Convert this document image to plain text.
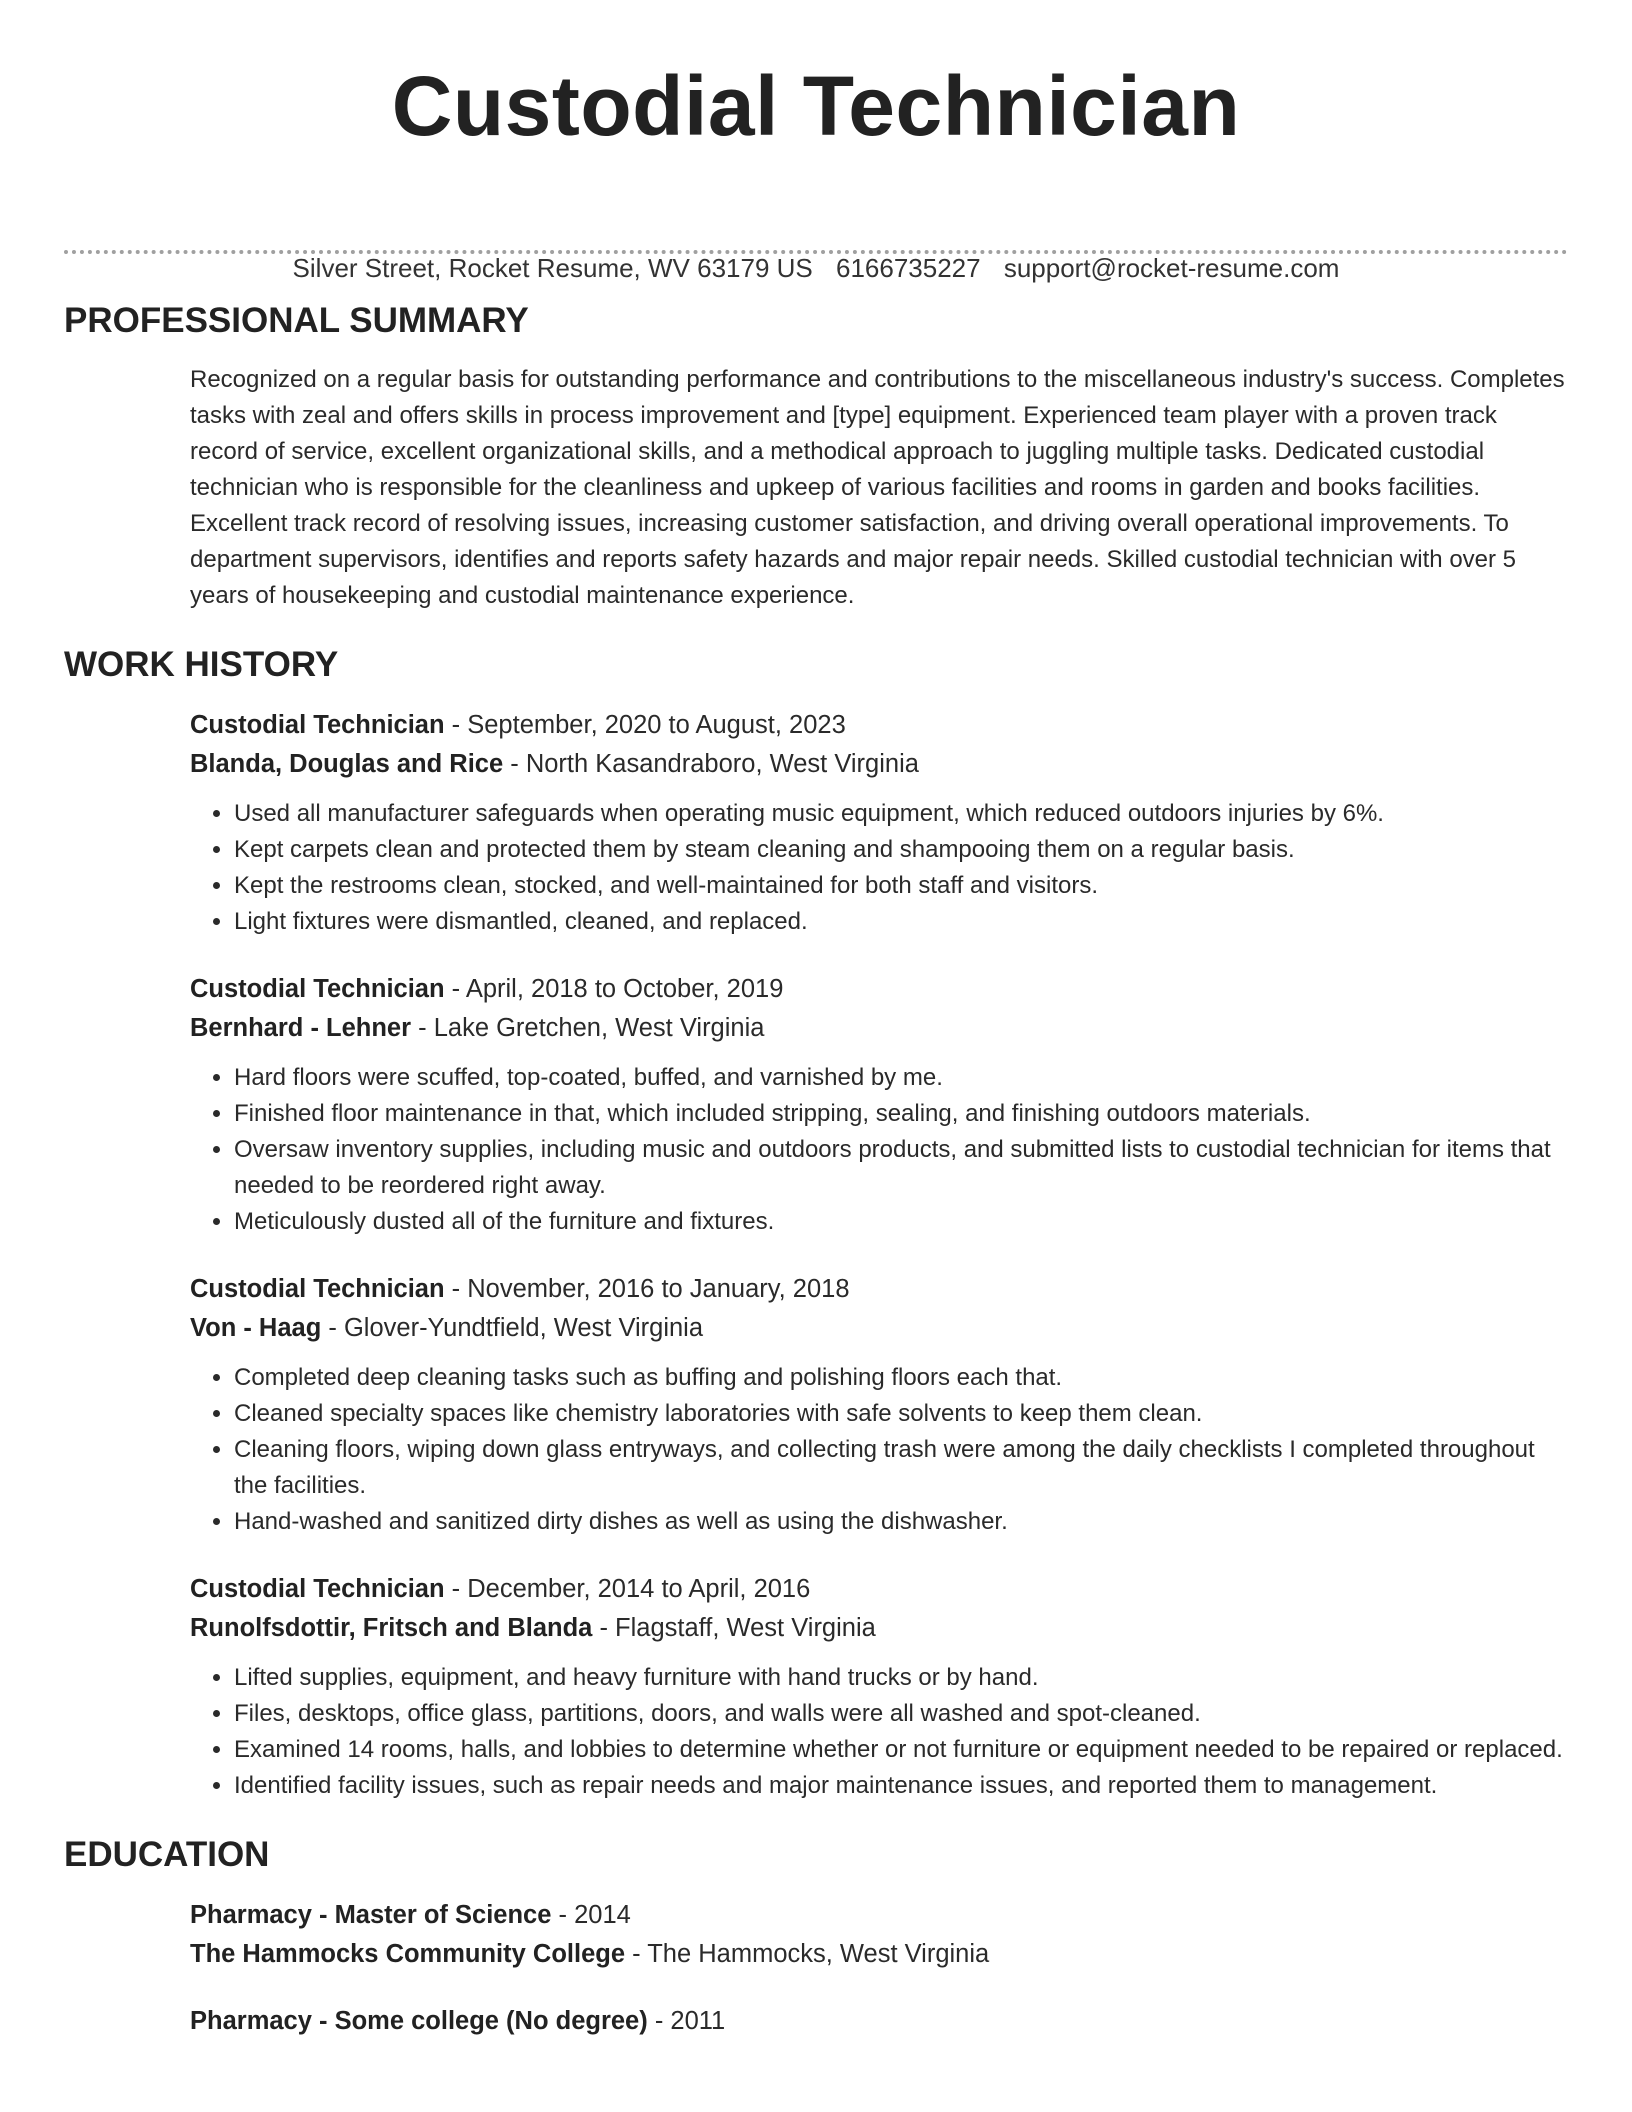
Custodial Technician
Silver Street, Rocket Resume, WV 63179 US 6166735227 support@rocket-resume.com
PROFESSIONAL SUMMARY
Recognized on a regular basis for outstanding performance and contributions to the miscellaneous industry's success. Completes tasks with zeal and offers skills in process improvement and [type] equipment. Experienced team player with a proven track record of service, excellent organizational skills, and a methodical approach to juggling multiple tasks. Dedicated custodial technician who is responsible for the cleanliness and upkeep of various facilities and rooms in garden and books facilities. Excellent track record of resolving issues, increasing customer satisfaction, and driving overall operational improvements. To department supervisors, identifies and reports safety hazards and major repair needs. Skilled custodial technician with over 5 years of housekeeping and custodial maintenance experience.
WORK HISTORY
Custodial Technician - September, 2020 to August, 2023
Blanda, Douglas and Rice - North Kasandraboro, West Virginia
• Used all manufacturer safeguards when operating music equipment, which reduced outdoors injuries by 6%.
• Kept carpets clean and protected them by steam cleaning and shampooing them on a regular basis.
• Kept the restrooms clean, stocked, and well-maintained for both staff and visitors.
• Light fixtures were dismantled, cleaned, and replaced.
Custodial Technician - April, 2018 to October, 2019
Bernhard - Lehner - Lake Gretchen, West Virginia
• Hard floors were scuffed, top-coated, buffed, and varnished by me.
• Finished floor maintenance in that, which included stripping, sealing, and finishing outdoors materials.
• Oversaw inventory supplies, including music and outdoors products, and submitted lists to custodial technician for items that needed to be reordered right away.
• Meticulously dusted all of the furniture and fixtures.
Custodial Technician - November, 2016 to January, 2018
Von - Haag - Glover-Yundtfield, West Virginia
• Completed deep cleaning tasks such as buffing and polishing floors each that.
• Cleaned specialty spaces like chemistry laboratories with safe solvents to keep them clean.
• Cleaning floors, wiping down glass entryways, and collecting trash were among the daily checklists I completed throughout the facilities.
• Hand-washed and sanitized dirty dishes as well as using the dishwasher.
Custodial Technician - December, 2014 to April, 2016
Runolfsdottir, Fritsch and Blanda - Flagstaff, West Virginia
• Lifted supplies, equipment, and heavy furniture with hand trucks or by hand.
• Files, desktops, office glass, partitions, doors, and walls were all washed and spot-cleaned.
• Examined 14 rooms, halls, and lobbies to determine whether or not furniture or equipment needed to be repaired or replaced.
• Identified facility issues, such as repair needs and major maintenance issues, and reported them to management.
EDUCATION
Pharmacy - Master of Science - 2014
The Hammocks Community College - The Hammocks, West Virginia
Pharmacy - Some college (No degree) - 2011
